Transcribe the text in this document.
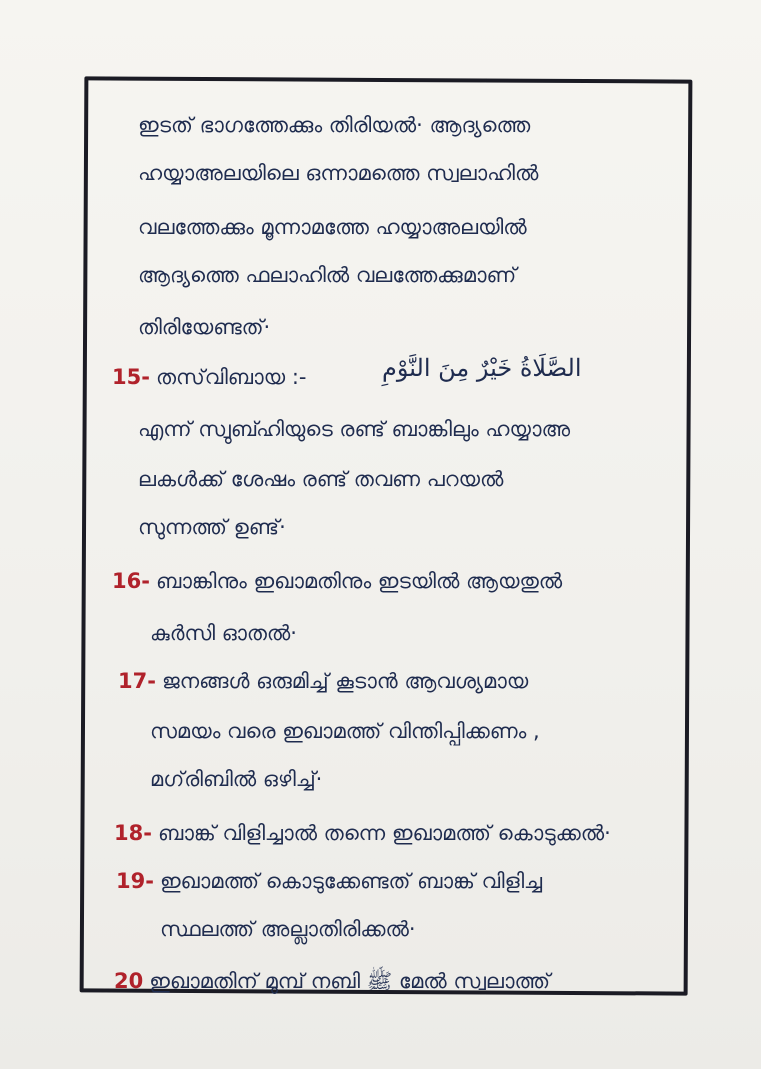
ഇടത് ഭാഗത്തേക്കും തിരിയൽ· ആദ്യത്തെ
ഹയ്യാഅലയിലെ ഒന്നാമത്തെ സ്വലാഹിൽ
വലത്തേക്കും മൂന്നാമത്തേ ഹയ്യാഅലയിൽ
ആദ്യത്തെ ഫലാഹിൽ വലത്തേക്കുമാണ്
തിരിയേണ്ടത്·
15- തസ്‌വിബായ :-	الصَّلَاةُ خَيْرٌ مِنَ النَّوْمِ
എന്ന് സ്വുബ്ഹിയുടെ രണ്ട് ബാങ്കിലും ഹയ്യാഅ
ലകൾക്ക് ശേഷം രണ്ട് തവണ പറയൽ
സുന്നത്ത് ഉണ്ട്·
16- ബാങ്കിനും ഇഖാമതിനും ഇടയിൽ ആയതുൽ
കുർസി ഓതൽ·
17- ജനങ്ങൾ ഒരുമിച്ച് കൂടാൻ ആവശ്യമായ
സമയം വരെ ഇഖാമത്ത് വിന്തിപ്പിക്കണം ,
മഗ്‌രിബിൽ ഒഴിച്ച്·
18- ബാങ്ക് വിളിച്ചാൽ തന്നെ ഇഖാമത്ത് കൊടുക്കൽ·
19- ഇഖാമത്ത് കൊടുക്കേണ്ടത് ബാങ്ക് വിളിച്ച
സ്ഥലത്ത് അല്ലാതിരിക്കൽ·
20 ഇഖാമതിന് മുമ്പ് നബി ﷺ മേൽ സ്വലാത്ത്
